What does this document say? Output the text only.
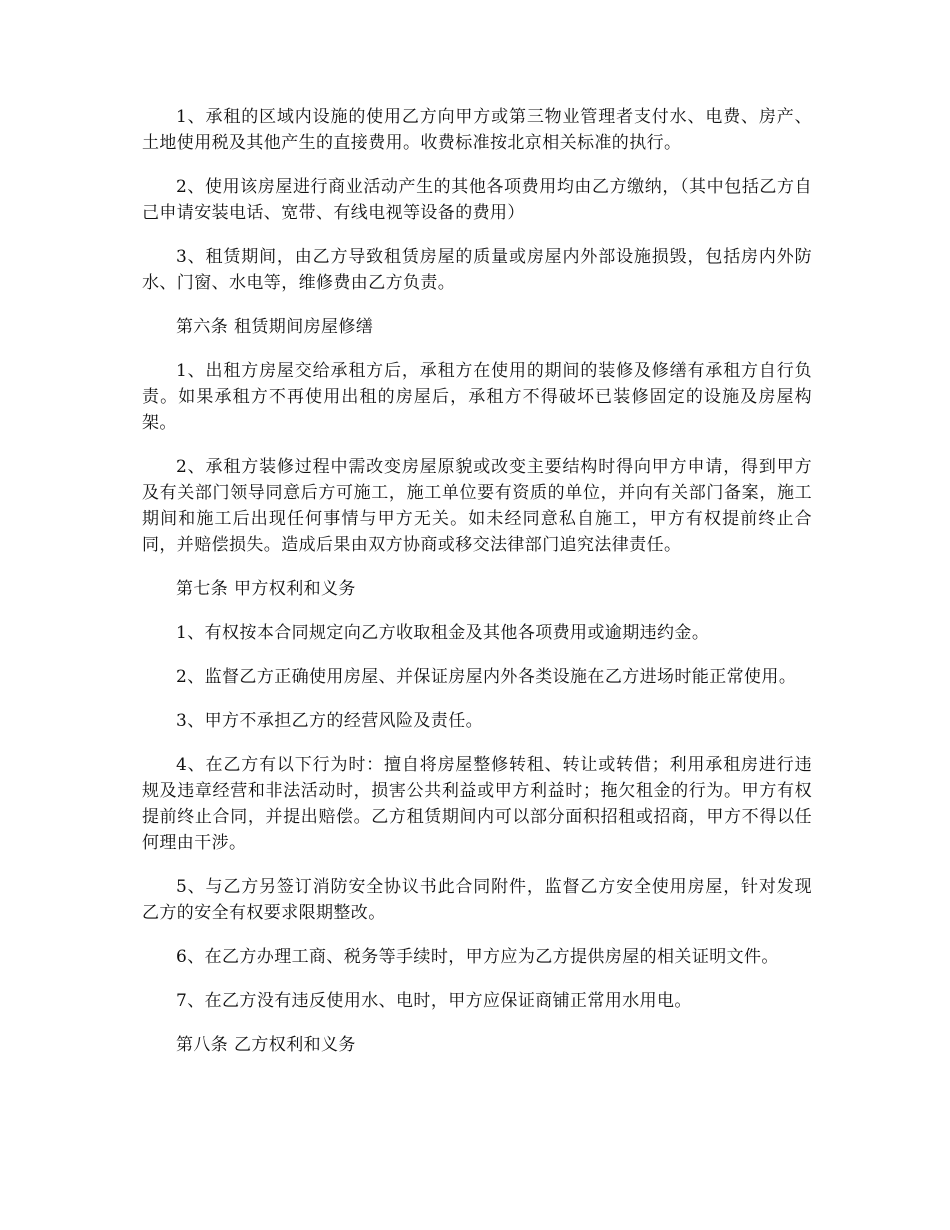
1、承租的区域内设施的使用乙方向甲方或第三物业管理者支付水、电费、房产、土地使用税及其他产生的直接费用。收费标准按北京相关标准的执行。

2、使用该房屋进行商业活动产生的其他各项费用均由乙方缴纳，（其中包括乙方自己申请安装电话、宽带、有线电视等设备的费用）

3、租赁期间，由乙方导致租赁房屋的质量或房屋内外部设施损毁，包括房内外防水、门窗、水电等，维修费由乙方负责。

第六条 租赁期间房屋修缮

1、出租方房屋交给承租方后，承租方在使用的期间的装修及修缮有承租方自行负责。如果承租方不再使用出租的房屋后，承租方不得破坏已装修固定的设施及房屋构架。

2、承租方装修过程中需改变房屋原貌或改变主要结构时得向甲方申请，得到甲方及有关部门领导同意后方可施工，施工单位要有资质的单位，并向有关部门备案，施工期间和施工后出现任何事情与甲方无关。如未经同意私自施工，甲方有权提前终止合同，并赔偿损失。造成后果由双方协商或移交法律部门追究法律责任。

第七条 甲方权利和义务

1、有权按本合同规定向乙方收取租金及其他各项费用或逾期违约金。

2、监督乙方正确使用房屋、并保证房屋内外各类设施在乙方进场时能正常使用。

3、甲方不承担乙方的经营风险及责任。

4、在乙方有以下行为时：擅自将房屋整修转租、转让或转借；利用承租房进行违规及违章经营和非法活动时，损害公共利益或甲方利益时；拖欠租金的行为。甲方有权提前终止合同，并提出赔偿。乙方租赁期间内可以部分面积招租或招商，甲方不得以任何理由干涉。

5、与乙方另签订消防安全协议书此合同附件，监督乙方安全使用房屋，针对发现乙方的安全有权要求限期整改。

6、在乙方办理工商、税务等手续时，甲方应为乙方提供房屋的相关证明文件。

7、在乙方没有违反使用水、电时，甲方应保证商铺正常用水用电。

第八条 乙方权利和义务
